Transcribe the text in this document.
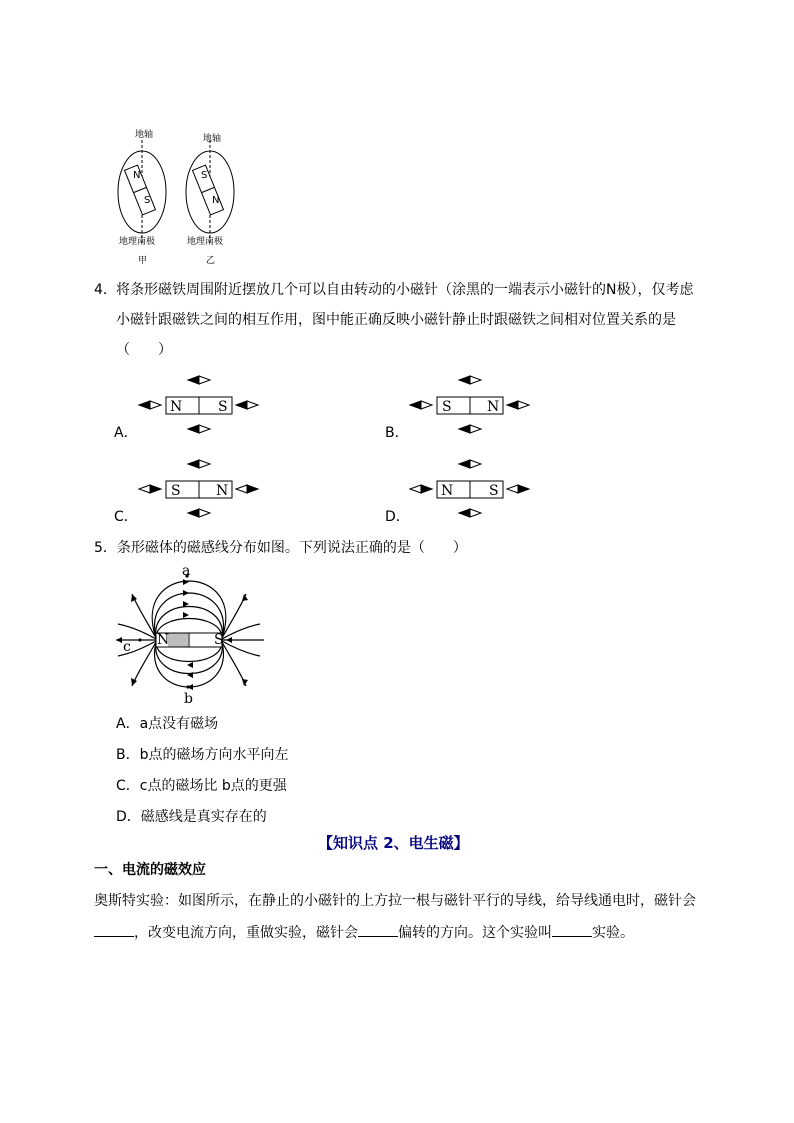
地轴
N
S
地理南极
甲
地轴
S
N
地理南极
乙
4． 将条形磁铁周围附近摆放几个可以自由转动的小磁针（涂黑的一端表示小磁针的N极），仅考虑
小磁针跟磁铁之间的相互作用，图中能正确反映小磁针静止时跟磁铁之间相对位置关系的是
（　　）
N	S
A．
S	N
B．
S	N
C．
N	S
D．
5．条形磁体的磁感线分布如图。下列说法正确的是（　　）
a
b
c N	S
A．a点没有磁场
B．b点的磁场方向水平向左
C．c点的磁场比 b点的更强
D．磁感线是真实存在的
【知识点 2、电生磁】
一、电流的磁效应
奥斯特实验：如图所示，在静止的小磁针的上方拉一根与磁针平行的导线，给导线通电时，磁针会
，改变电流方向，重做实验，磁针会	偏转的方向。这个实验叫	实验。
